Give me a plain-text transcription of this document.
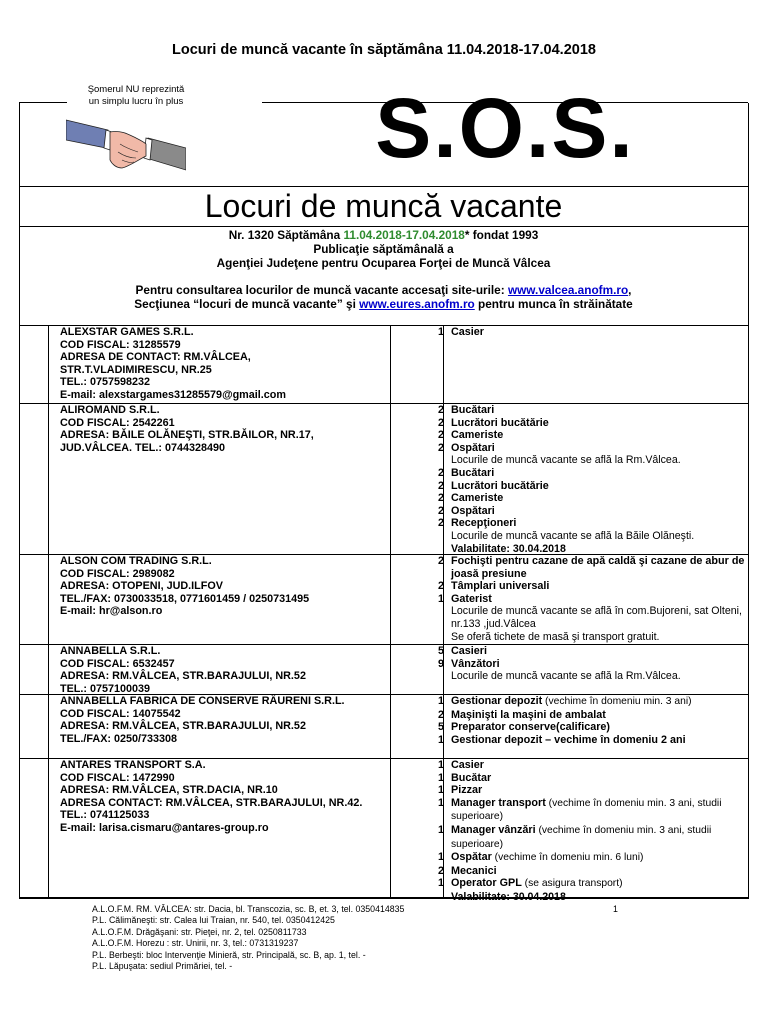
Locuri de muncă vacante în săptămâna 11.04.2018-17.04.2018
Şomerul NU reprezintă
un simplu lucru în plus	S.O.S.
Locuri de muncă vacante
Nr. 1320 Săptămâna 11.04.2018-17.04.2018* fondat 1993
Publicaţie săptămânală a
Agenţiei Judeţene pentru Ocuparea Forţei de Muncă Vâlcea
Pentru consultarea locurilor de muncă vacante accesaţi site-urile: www.valcea.anofm.ro,
Secţiunea “locuri de muncă vacante” şi www.eures.anofm.ro pentru munca în străinătate
ALEXSTAR GAMES S.R.L.
COD FISCAL: 31285579
ADRESA DE CONTACT: RM.VÂLCEA,
STR.T.VLADIMIRESCU, NR.25
TEL.: 0757598232
E-mail: alexstargames31285579@gmail.com
1 Casier
ALIROMAND S.R.L.
COD FISCAL: 2542261
ADRESA: BĂILE OLĂNEŞTI, STR.BĂILOR, NR.17,
JUD.VÂLCEA. TEL.: 0744328490
2 Bucătari
2 Lucrători bucătărie
2 Cameriste
2 Ospătari
Locurile de muncă vacante se află la Rm.Vâlcea.
2 Bucătari
2 Lucrători bucătărie
2 Cameriste
2 Ospătari
2 Recepţioneri
Locurile de muncă vacante se află la Băile Olăneşti.
Valabilitate: 30.04.2018
ALSON COM TRADING S.R.L.
COD FISCAL: 2989082
ADRESA: OTOPENI, JUD.ILFOV
TEL./FAX: 0730033518, 0771601459 / 0250731495
E-mail: hr@alson.ro
2 Fochişti pentru cazane de apă caldă şi cazane de abur de joasă presiune
2 Tâmplari universali
1 Gaterist
Locurile de muncă vacante se află în com.Bujoreni, sat Olteni, nr.133 ,jud.Vâlcea
Se oferă tichete de masă şi transport gratuit.
ANNABELLA S.R.L.
COD FISCAL: 6532457
ADRESA: RM.VÂLCEA, STR.BARAJULUI, NR.52
TEL.: 0757100039
5 Casieri
9 Vânzători
Locurile de muncă vacante se află la Rm.Vâlcea.
ANNABELLA FABRICA DE CONSERVE RÂURENI S.R.L.
COD FISCAL: 14075542
ADRESA: RM.VÂLCEA, STR.BARAJULUI, NR.52
TEL./FAX: 0250/733308
1 Gestionar depozit (vechime în domeniu min. 3 ani)
2 Maşinişti la maşini de ambalat
5 Preparator conserve(calificare)
1 Gestionar depozit – vechime în domeniu 2 ani
ANTARES TRANSPORT S.A.
COD FISCAL: 1472990
ADRESA: RM.VÂLCEA, STR.DACIA, NR.10
ADRESA CONTACT: RM.VÂLCEA, STR.BARAJULUI, NR.42.
TEL.: 0741125033
E-mail: larisa.cismaru@antares-group.ro
1 Casier
1 Bucătar
1 Pizzar
1 Manager transport (vechime în domeniu min. 3 ani, studii superioare)
1 Manager vânzări (vechime în domeniu min. 3 ani, studii superioare)
1 Ospătar (vechime în domeniu min. 6 luni)
2 Mecanici
1 Operator GPL (se asigura transport)
Valabilitate: 30.04.2018
A.L.O.F.M. RM. VÂLCEA: str. Dacia, bl. Transcozia, sc. B, et. 3, tel. 0350414835
P.L. Călimăneşti: str. Calea lui Traian, nr. 540, tel. 0350412425
A.L.O.F.M. Drăgăşani: str. Pieţei, nr. 2, tel. 0250811733
A.L.O.F.M. Horezu : str. Unirii, nr. 3, tel.: 0731319237
P.L. Berbeşti: bloc Intervenţie Minieră, str. Principală, sc. B, ap. 1, tel. -
P.L. Lăpuşata: sediul Primăriei, tel. -
1
